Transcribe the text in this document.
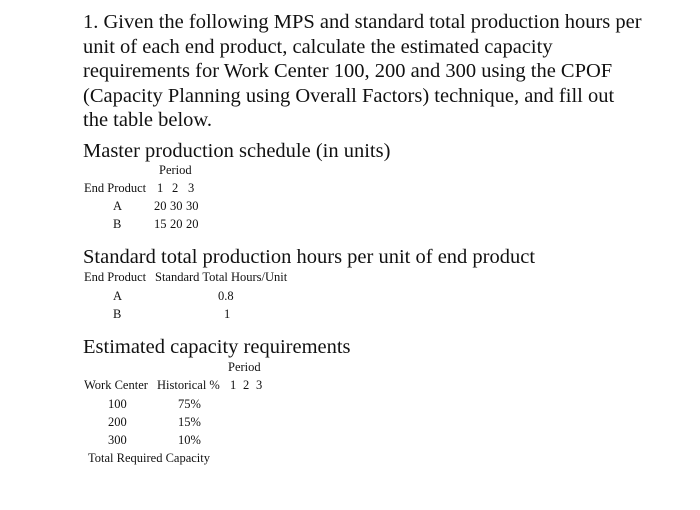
1. Given the following MPS and standard total production hours per unit of each end product, calculate the estimated capacity requirements for Work Center 100, 200 and 300 using the CPOF (Capacity Planning using Overall Factors) technique, and fill out the table below.
Master production schedule (in units)
Period
End Product 1 2 3
A	20 30 30
B	15 20 20
Standard total production hours per unit of end product
End Product Standard Total Hours/Unit
A	0.8
B	1
Estimated capacity requirements
Period
Work Center Historical % 1 2 3
100	75%
200	15%
300	10%
Total Required Capacity
